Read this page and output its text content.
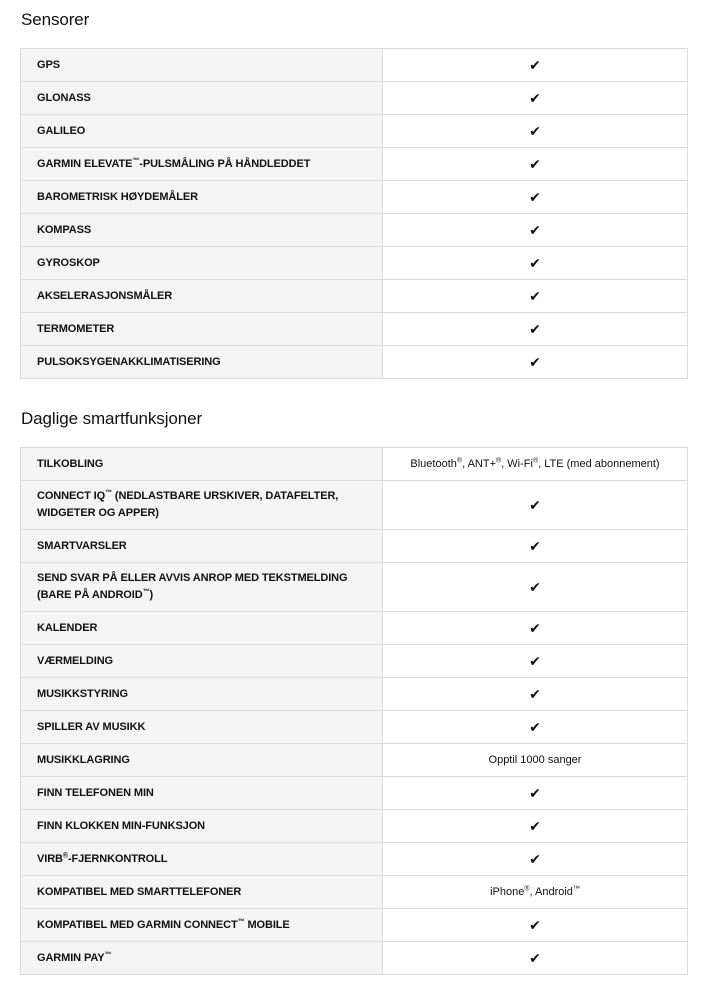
Sensorer
GPS	✔
GLONASS	✔
GALILEO	✔
GARMIN ELEVATE™-PULSMÅLING PÅ HÅNDLEDDET	✔
BAROMETRISK HØYDEMÅLER	✔
KOMPASS	✔
GYROSKOP	✔
AKSELERASJONSMÅLER	✔
TERMOMETER	✔
PULSOKSYGENAKKLIMATISERING	✔
Daglige smartfunksjoner
TILKOBLING	Bluetooth®, ANT+®, Wi-Fi®, LTE (med abonnement)
CONNECT IQ™ (NEDLASTBARE URSKIVER, DATAFELTER, WIDGETER OG APPER)	✔
SMARTVARSLER	✔
SEND SVAR PÅ ELLER AVVIS ANROP MED TEKSTMELDING (BARE PÅ ANDROID™)	✔
KALENDER	✔
VÆRMELDING	✔
MUSIKKSTYRING	✔
SPILLER AV MUSIKK	✔
MUSIKKLAGRING	Opptil 1000 sanger
FINN TELEFONEN MIN	✔
FINN KLOKKEN MIN-FUNKSJON	✔
VIRB®-FJERNKONTROLL	✔
KOMPATIBEL MED SMARTTELEFONER	iPhone®, Android™
KOMPATIBEL MED GARMIN CONNECT™ MOBILE	✔
GARMIN PAY™	✔
